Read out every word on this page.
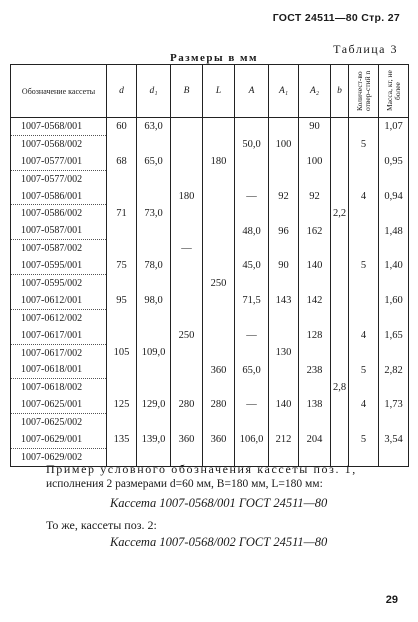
ГОСТ 24511—80 Стр. 27
Таблица 3
Размеры в мм
Обозначение кассеты	d	d₁	B	L	A	A₁	A₂	b	Количест-во отвер-стий n	Масса, кг, не более

1007-0568/001	60	63,0					90			1,07
1007-0568/002					50,0	100			5	
1007-0577/001	68	65,0		180			100			0,95
1007-0577/002										
1007-0586/001			180		—	92	92		4	0,94
1007-0586/002	71	73,0						2,2		
1007-0587/001					48,0	96	162			1,48
1007-0587/002			—							
1007-0595/001	75	78,0			45,0	90	140		5	1,40
1007-0595/002				250						
1007-0612/001	95	98,0			71,5	143	142			1,60
1007-0612/002										
1007-0617/001			250		—		128		4	1,65
1007-0617/002	105	109,0				130				
1007-0618/001				360	65,0		238		5	2,82
1007-0618/002								2,8		
1007-0625/001	125	129,0	280	280	—	140	138		4	1,73
1007-0625/002										
1007-0629/001	135	139,0	360	360	106,0	212	204		5	3,54
1007-0629/002										
Пример условного обозначения кассеты поз. 1,
исполнения 2 размерами d=60 мм, B=180 мм, L=180 мм:
Кассета 1007-0568/001 ГОСТ 24511—80
То же, кассеты поз. 2:
Кассета 1007-0568/002 ГОСТ 24511—80
29
